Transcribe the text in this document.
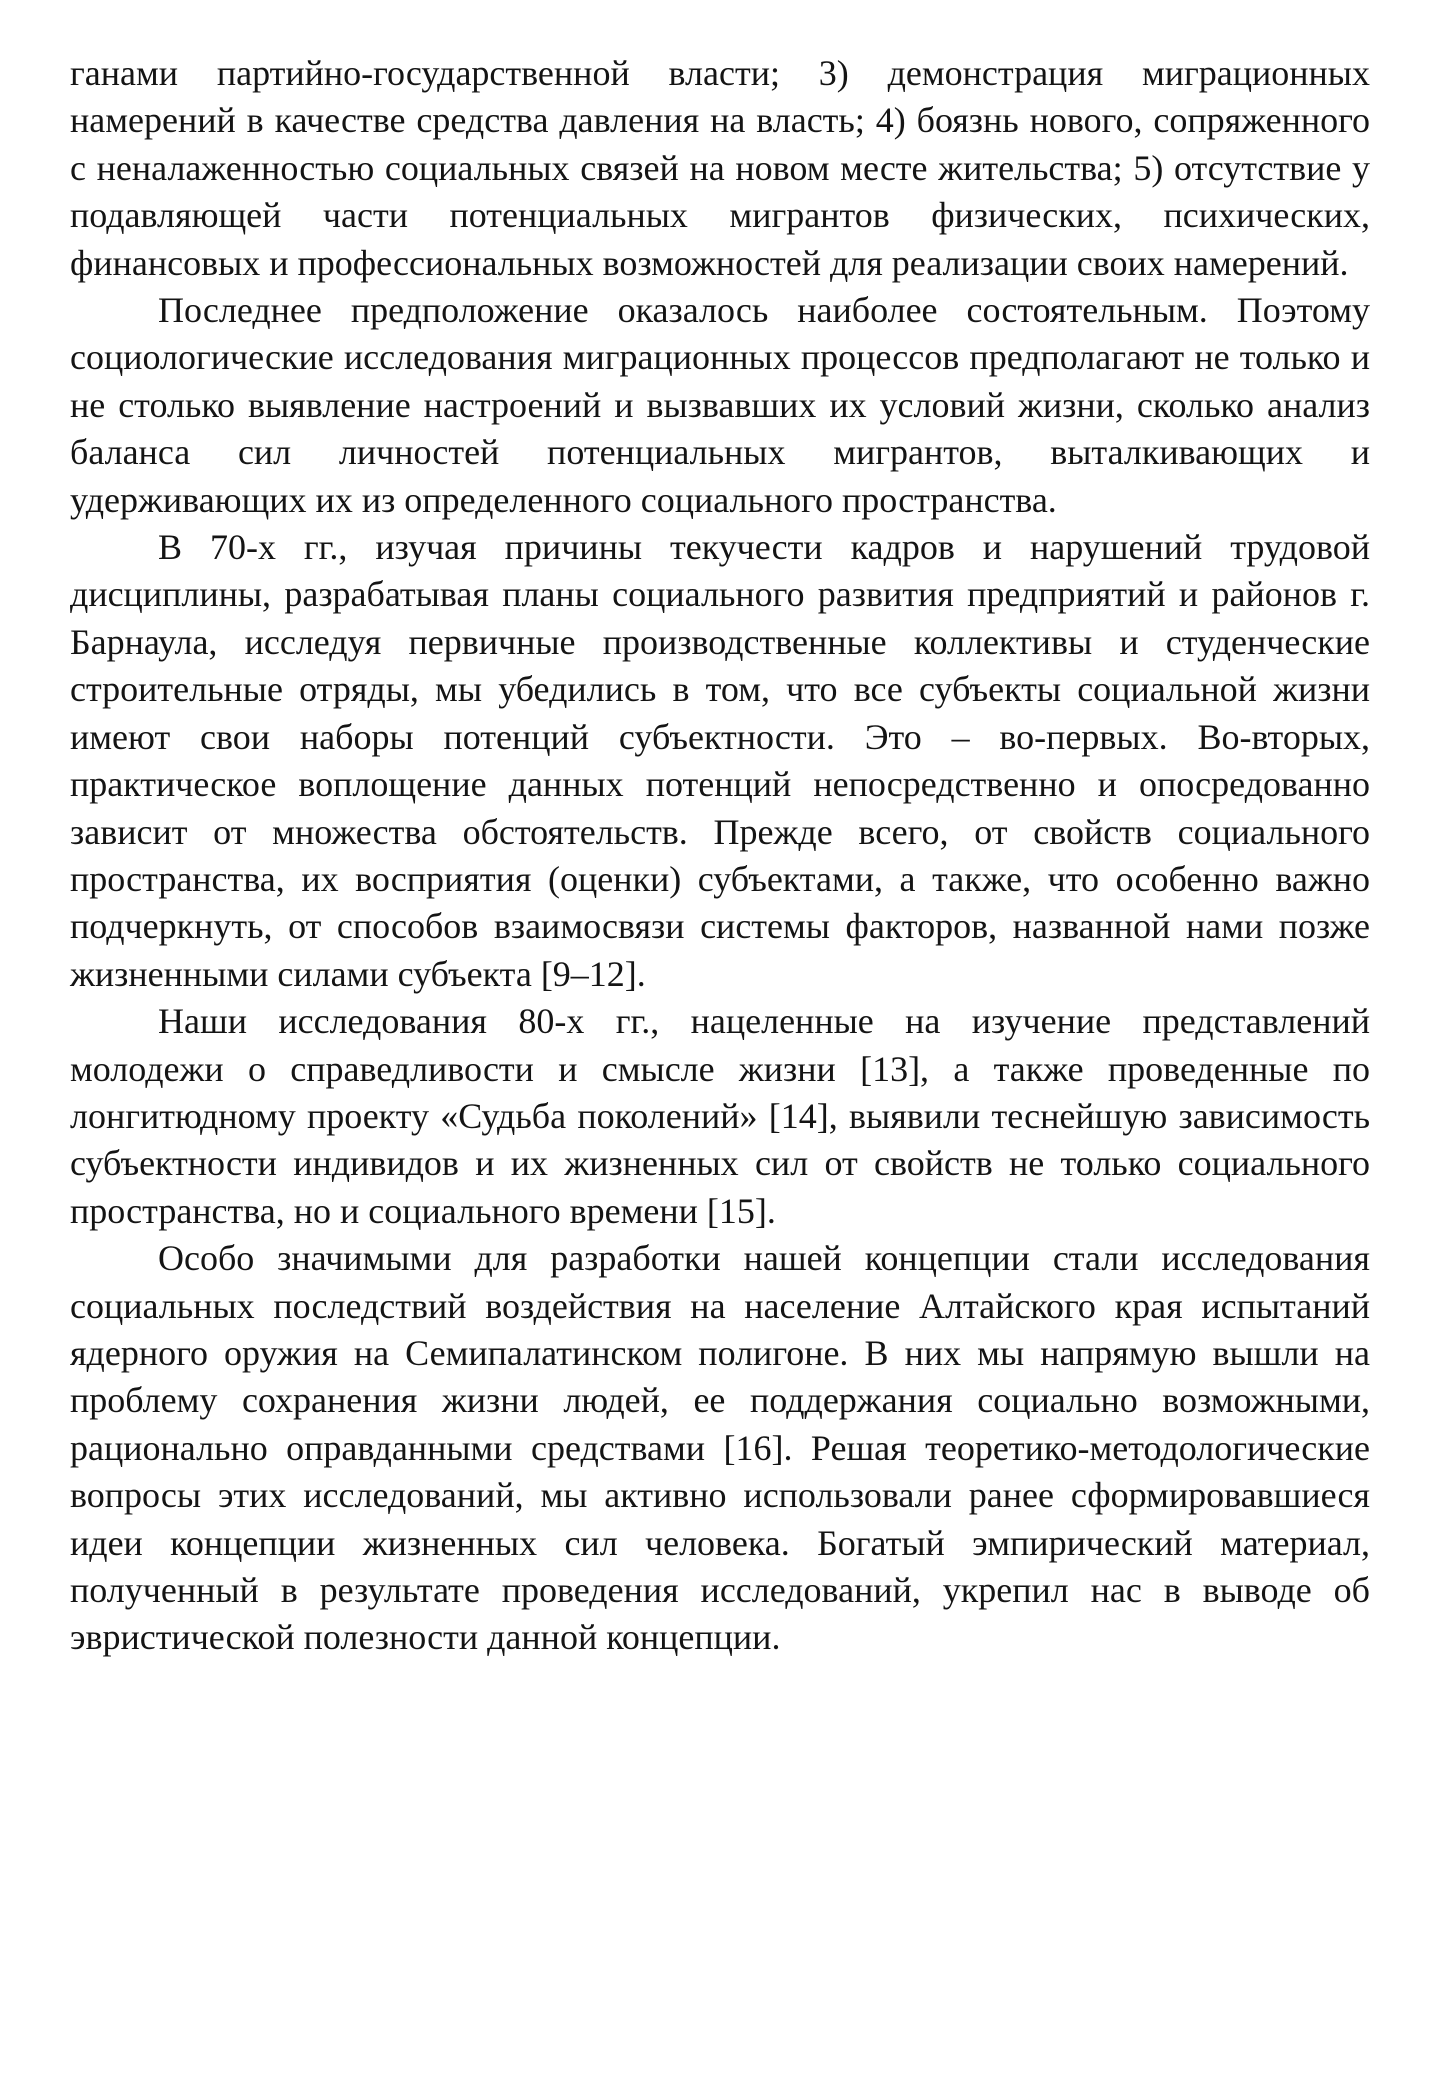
ганами партийно-государственной власти; 3) демонстрация миграционных намерений в качестве средства давления на власть; 4) боязнь нового, сопряженного с неналаженностью социальных связей на новом месте жительства; 5) отсутствие у подавляющей части потенциальных мигрантов физических, психических, финансовых и профессиональных возможностей для реализации своих намерений.

Последнее предположение оказалось наиболее состоятельным. Поэтому социологические исследования миграционных процессов предполагают не только и не столько выявление настроений и вызвавших их условий жизни, сколько анализ баланса сил личностей потенциальных мигрантов, выталкивающих и удерживающих их из определенного социального пространства.

В 70-х гг., изучая причины текучести кадров и нарушений трудовой дисциплины, разрабатывая планы социального развития предприятий и районов г. Барнаула, исследуя первичные производственные коллективы и студенческие строительные отряды, мы убедились в том, что все субъекты социальной жизни имеют свои наборы потенций субъектности. Это – во-первых. Во-вторых, практическое воплощение данных потенций непосредственно и опосредованно зависит от множества обстоятельств. Прежде всего, от свойств социального пространства, их восприятия (оценки) субъектами, а также, что особенно важно подчеркнуть, от способов взаимосвязи системы факторов, названной нами позже жизненными силами субъекта [9–12].

Наши исследования 80-х гг., нацеленные на изучение представлений молодежи о справедливости и смысле жизни [13], а также проведенные по лонгитюдному проекту «Судьба поколений» [14], выявили теснейшую зависимость субъектности индивидов и их жизненных сил от свойств не только социального пространства, но и социального времени [15].

Особо значимыми для разработки нашей концепции стали исследования социальных последствий воздействия на население Алтайского края испытаний ядерного оружия на Семипалатинском полигоне. В них мы напрямую вышли на проблему сохранения жизни людей, ее поддержания социально возможными, рационально оправданными средствами [16]. Решая теоретико-методологические вопросы этих исследований, мы активно использовали ранее сформировавшиеся идеи концепции жизненных сил человека. Богатый эмпирический материал, полученный в результате проведения исследований, укрепил нас в выводе об эвристической полезности данной концепции.
